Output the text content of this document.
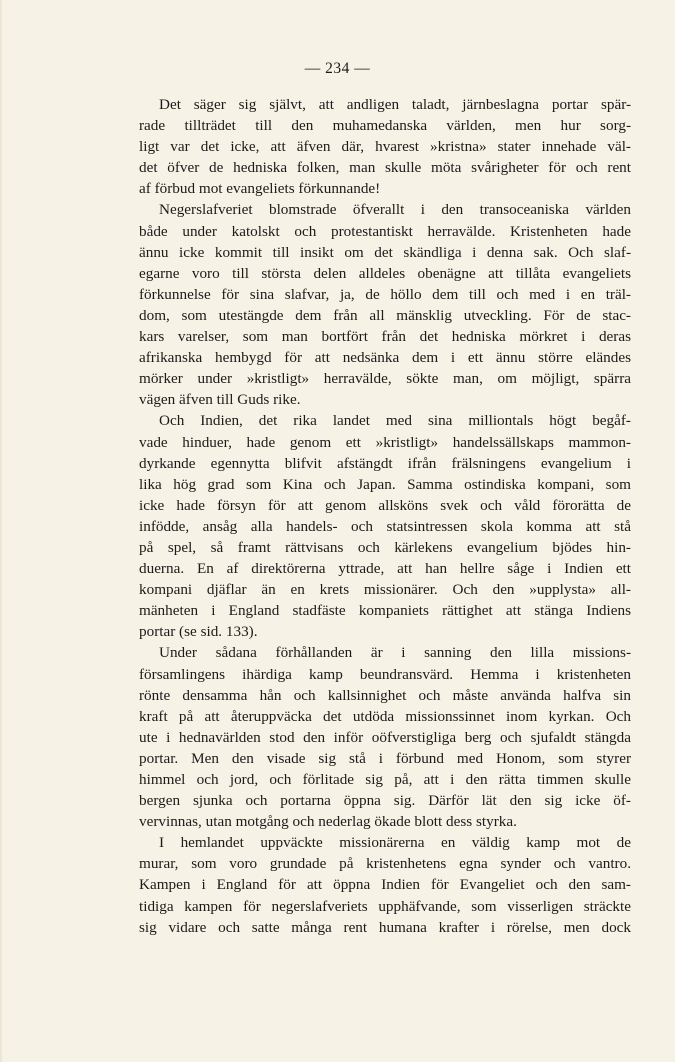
— 234 —

Det säger sig självt, att andligen taladt, järnbeslagna portar spär-
rade tillträdet till den muhamedanska världen, men hur sorg-
ligt var det icke, att äfven där, hvarest »kristna» stater innehade väl-
det öfver de hedniska folken, man skulle möta svårigheter för och rent
af förbud mot evangeliets förkunnande!

Negerslafveriet blomstrade öfverallt i den transoceaniska världen
både under katolskt och protestantiskt herravälde. Kristenheten hade
ännu icke kommit till insikt om det skändliga i denna sak. Och slaf-
egarne voro till största delen alldeles obenägne att tillåta evangeliets
förkunnelse för sina slafvar, ja, de höllo dem till och med i en träl-
dom, som utestängde dem från all mänsklig utveckling. För de stac-
kars varelser, som man bortfört från det hedniska mörkret i deras
afrikanska hembygd för att nedsänka dem i ett ännu större eländes
mörker under »kristligt» herravälde, sökte man, om möjligt, spärra
vägen äfven till Guds rike.

Och Indien, det rika landet med sina milliontals högt begåf-
vade hinduer, hade genom ett »kristligt» handelssällskaps mammon-
dyrkande egennytta blifvit afstängdt ifrån frälsningens evangelium i
lika hög grad som Kina och Japan. Samma ostindiska kompani, som
icke hade försyn för att genom allsköns svek och våld förorätta de
infödde, ansåg alla handels- och statsintressen skola komma att stå
på spel, så framt rättvisans och kärlekens evangelium bjödes hin-
duerna. En af direktörerna yttrade, att han hellre såge i Indien ett
kompani djäflar än en krets missionärer. Och den »upplysta» all-
mänheten i England stadfäste kompaniets rättighet att stänga Indiens
portar (se sid. 133).

Under sådana förhållanden är i sanning den lilla missions-
församlingens ihärdiga kamp beundransvärd. Hemma i kristenheten
rönte densamma hån och kallsinnighet och måste använda halfva sin
kraft på att återuppväcka det utdöda missionssinnet inom kyrkan. Och
ute i hednavärlden stod den inför oöfverstigliga berg och sjufaldt stängda
portar. Men den visade sig stå i förbund med Honom, som styrer
himmel och jord, och förlitade sig på, att i den rätta timmen skulle
bergen sjunka och portarna öppna sig. Därför lät den sig icke öf-
vervinnas, utan motgång och nederlag ökade blott dess styrka.

I hemlandet uppväckte missionärerna en väldig kamp mot de
murar, som voro grundade på kristenhetens egna synder och vantro.
Kampen i England för att öppna Indien för Evangeliet och den sam-
tidiga kampen för negerslafveriets upphäfvande, som visserligen sträckte
sig vidare och satte många rent humana krafter i rörelse, men dock
